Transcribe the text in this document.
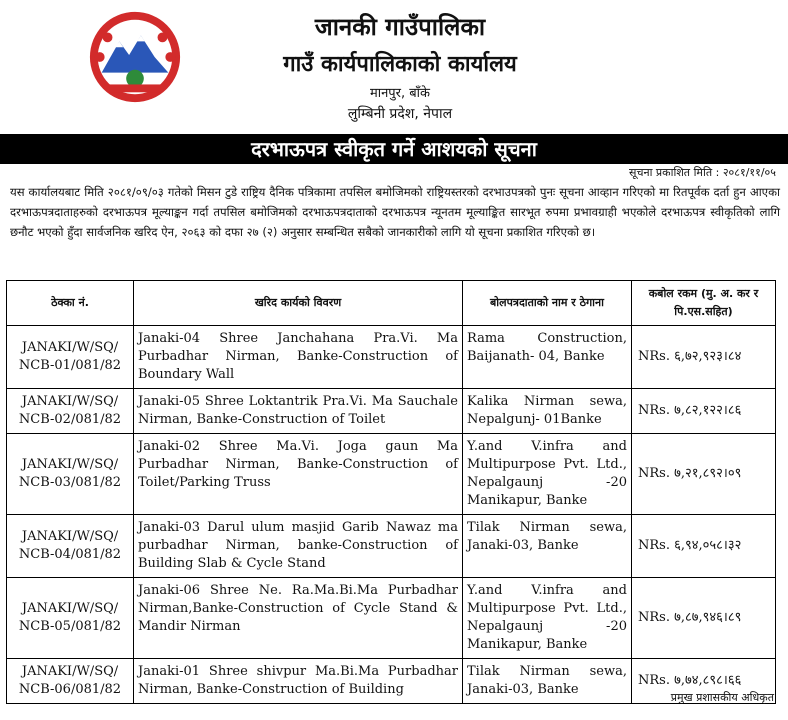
जानकी गाउँपालिका
गाउँ कार्यपालिकाको कार्यालय
मानपुर, बाँके
लुम्बिनी प्रदेश, नेपाल
दरभाऊपत्र स्वीकृत गर्ने आशयको सूचना
सूचना प्रकाशित मिति : २०८१/११/०५
यस कार्यालयबाट मिति २०८१/०९/०३ गतेको मिसन टुडे राष्ट्रिय दैनिक पत्रिकामा तपसिल बमोजिमको राष्ट्रियस्तरको दरभाउपत्रको पुनः सूचना आव्हान गरिएको मा रितपूर्वक दर्ता हुन आएका दरभाऊपत्रदाताहरुको दरभाऊपत्र मूल्याङ्कन गर्दा तपसिल बमोजिमको दरभाऊपत्रदाताको दरभाऊपत्र न्यूनतम मूल्याङ्कित सारभूत रुपमा प्रभावग्राही भएकोले दरभाऊपत्र स्वीकृतिको लागि छनौट भएको हुँदा सार्वजनिक खरिद ऐन, २०६३ को दफा २७ (२) अनुसार सम्बन्धित सबैको जानकारीको लागि यो सूचना प्रकाशित गरिएको छ।
ठेक्का नं.	खरिद कार्यको विवरण	बोलपत्रदाताको नाम र ठेगाना	कबोल रकम (मु. अ. कर र पि.एस.सहित)
JANAKI/W/SQ/ NCB-01/081/82	Janaki-04 Shree Janchahana Pra.Vi. Ma Purbadhar Nirman, Banke-Construction of Boundary Wall	Rama Construction, Baijanath- 04, Banke	NRs. ६,७२,९२३।८४
JANAKI/W/SQ/ NCB-02/081/82	Janaki-05 Shree Loktantrik Pra.Vi. Ma Sauchale Nirman, Banke-Construction of Toilet	Kalika Nirman sewa, Nepalgunj- 01Banke	NRs. ७,८२,१२२।८६
JANAKI/W/SQ/ NCB-03/081/82	Janaki-02 Shree Ma.Vi. Joga gaun Ma Purbadhar Nirman, Banke-Construction of Toilet/Parking Truss	Y.and V.infra and Multipurpose Pvt. Ltd., Nepalgaunj -20 Manikapur, Banke	NRs. ७,२१,८९२।०९
JANAKI/W/SQ/ NCB-04/081/82	Janaki-03 Darul ulum masjid Garib Nawaz ma purbadhar Nirman, banke-Construction of Building Slab & Cycle Stand	Tilak Nirman sewa, Janaki-03, Banke	NRs. ६,९४,०५८।३२
JANAKI/W/SQ/ NCB-05/081/82	Janaki-06 Shree Ne. Ra.Ma.Bi.Ma Purbadhar Nirman,Banke-Construction of Cycle Stand & Mandir Nirman	Y.and V.infra and Multipurpose Pvt. Ltd., Nepalgaunj -20 Manikapur, Banke	NRs. ७,८७,९४६।८९
JANAKI/W/SQ/ NCB-06/081/82	Janaki-01 Shree shivpur Ma.Bi.Ma Purbadhar Nirman, Banke-Construction of Building	Tilak Nirman sewa, Janaki-03, Banke	NRs. ७,७४,८९८।६६
प्रमुख प्रशासकीय अधिकृत
